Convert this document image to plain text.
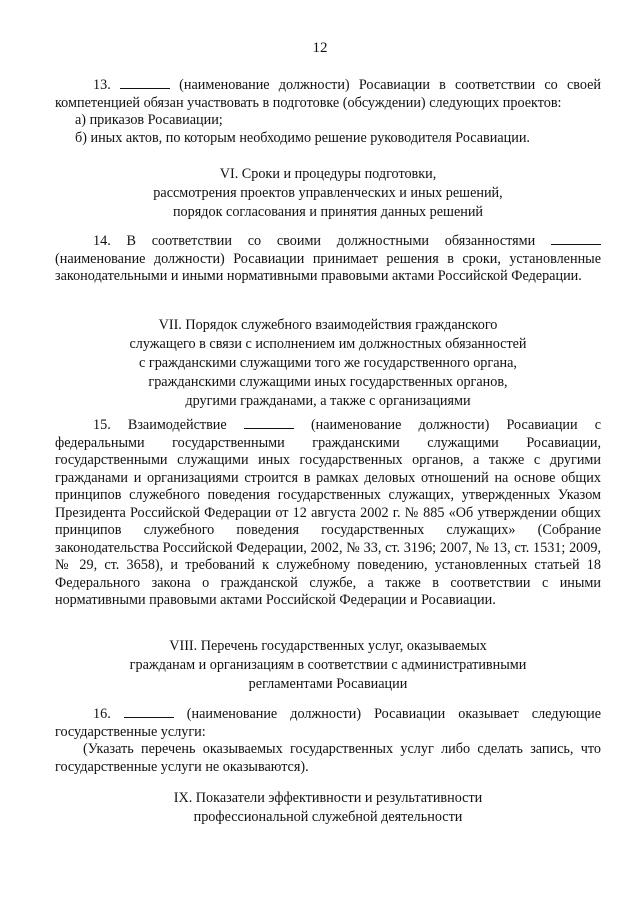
12
13.	(наименование должности) Росавиации в соответствии со своей компетенцией обязан участвовать в подготовке (обсуждении) следующих проектов:
а) приказов Росавиации;
б) иных актов, по которым необходимо решение руководителя Росавиации.
VI. Сроки и процедуры подготовки,
рассмотрения проектов управленческих и иных решений,
порядок согласования и принятия данных решений
14. В соответствии со своими должностными обязанностями  (наименование должности) Росавиации принимает решения в сроки, установленные законодательными и иными нормативными правовыми актами Российской Федерации.
VII. Порядок служебного взаимодействия гражданского
служащего в связи с исполнением им должностных обязанностей
с гражданскими служащими того же государственного органа,
гражданскими служащими иных государственных органов,
другими гражданами, а также с организациями
15. Взаимодействие	(наименование должности) Росавиации с федеральными государственными гражданскими служащими Росавиации, государственными служащими иных государственных органов, а также с другими гражданами и организациями строится в рамках деловых отношений на основе общих принципов служебного поведения государственных служащих, утвержденных Указом Президента Российской Федерации от 12 августа 2002 г. № 885 «Об утверждении общих принципов служебного поведения государственных служащих» (Собрание законодательства Российской Федерации, 2002, № 33, ст. 3196; 2007, № 13, ст. 1531; 2009, № 29, ст. 3658), и требований к служебному поведению, установленных статьей 18 Федерального закона о гражданской службе, а также в соответствии с иными нормативными правовыми актами Российской Федерации и Росавиации.
VIII. Перечень государственных услуг, оказываемых
гражданам и организациям в соответствии с административными
регламентами Росавиации
16.	(наименование должности) Росавиации оказывает следующие государственные услуги:
(Указать перечень оказываемых государственных услуг либо сделать запись, что государственные услуги не оказываются).
IX. Показатели эффективности и результативности
профессиональной служебной деятельности
